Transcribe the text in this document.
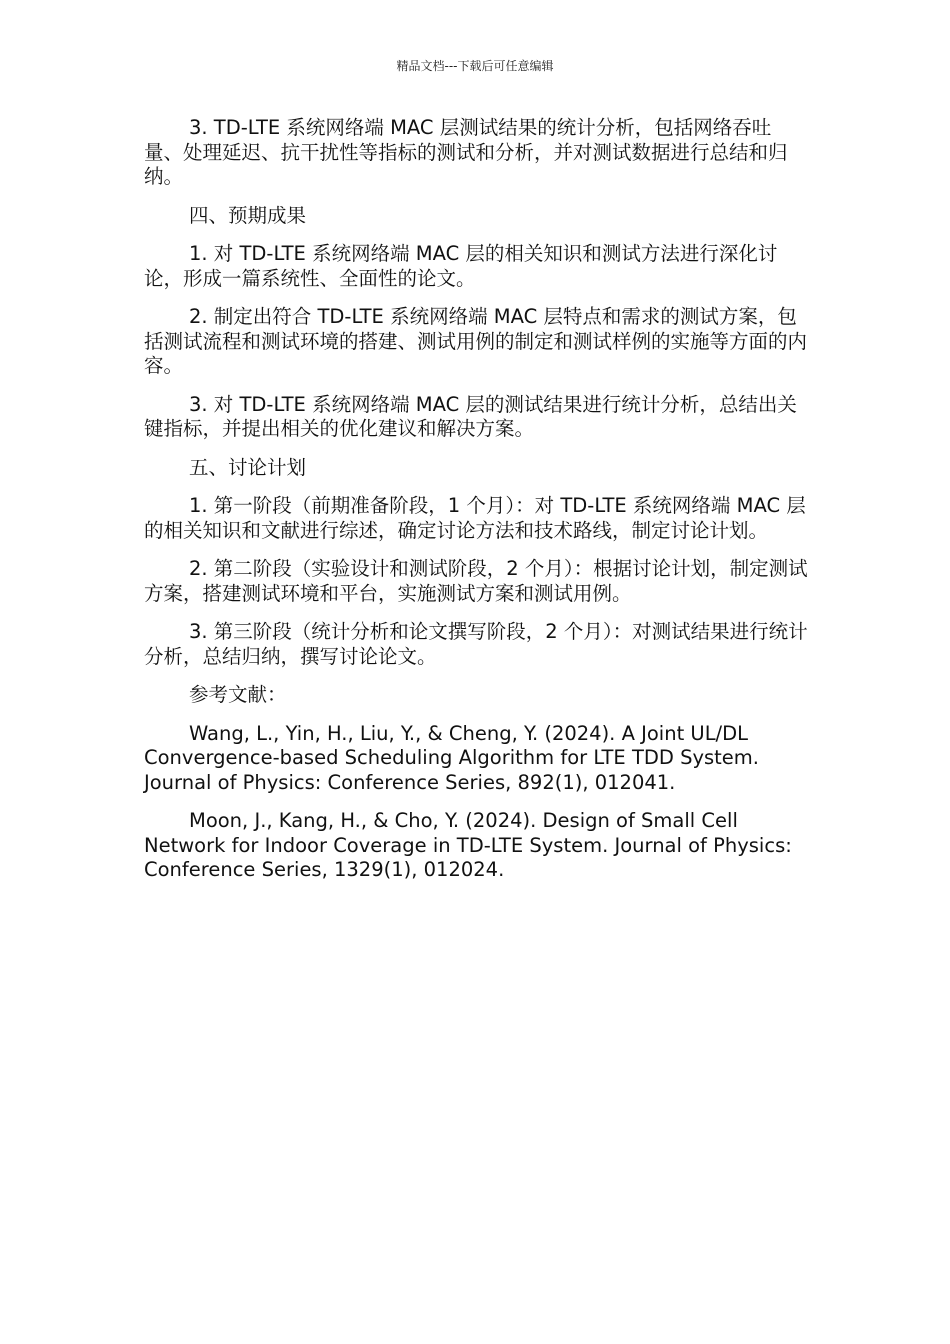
精品文档---下载后可任意编辑

3. TD-LTE 系统网络端 MAC 层测试结果的统计分析，包括网络吞吐量、处理延迟、抗干扰性等指标的测试和分析，并对测试数据进行总结和归纳。

四、预期成果

1. 对 TD-LTE 系统网络端 MAC 层的相关知识和测试方法进行深化讨论，形成一篇系统性、全面性的论文。

2. 制定出符合 TD-LTE 系统网络端 MAC 层特点和需求的测试方案，包括测试流程和测试环境的搭建、测试用例的制定和测试样例的实施等方面的内容。

3. 对 TD-LTE 系统网络端 MAC 层的测试结果进行统计分析，总结出关键指标，并提出相关的优化建议和解决方案。

五、讨论计划

1. 第一阶段（前期准备阶段，1 个月）：对 TD-LTE 系统网络端 MAC 层的相关知识和文献进行综述，确定讨论方法和技术路线，制定讨论计划。

2. 第二阶段（实验设计和测试阶段，2 个月）：根据讨论计划，制定测试方案，搭建测试环境和平台，实施测试方案和测试用例。

3. 第三阶段（统计分析和论文撰写阶段，2 个月）：对测试结果进行统计分析，总结归纳，撰写讨论论文。

参考文献：

Wang, L., Yin, H., Liu, Y., & Cheng, Y. (2024). A Joint UL/DL Convergence-based Scheduling Algorithm for LTE TDD System. Journal of Physics: Conference Series, 892(1), 012041.

Moon, J., Kang, H., & Cho, Y. (2024). Design of Small Cell Network for Indoor Coverage in TD-LTE System. Journal of Physics: Conference Series, 1329(1), 012024.
